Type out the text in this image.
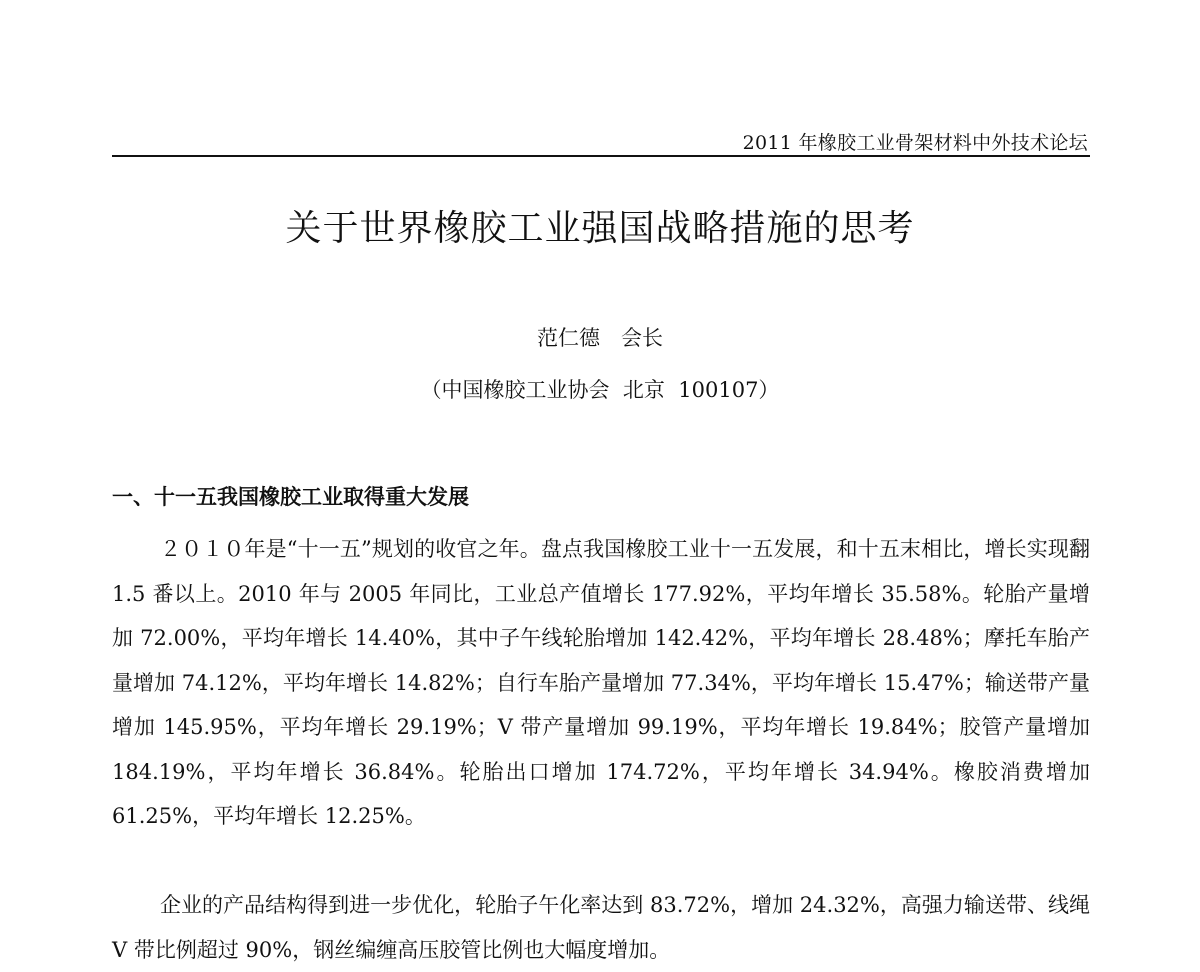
2011 年橡胶工业骨架材料中外技术论坛
关于世界橡胶工业强国战略措施的思考
范仁德　会长
（中国橡胶工业协会  北京  100107）
一、十一五我国橡胶工业取得重大发展

２０１０年是“十一五”规划的收官之年。盘点我国橡胶工业十一五发展，和十五末相比，增长实现翻 1.5 番以上。2010 年与 2005 年同比，工业总产值增长 177.92%，平均年增长 35.58%。轮胎产量增加 72.00%，平均年增长 14.40%，其中子午线轮胎增加 142.42%，平均年增长 28.48%；摩托车胎产量增加 74.12%，平均年增长 14.82%；自行车胎产量增加 77.34%，平均年增长 15.47%；输送带产量增加 145.95%，平均年增长 29.19%；V 带产量增加 99.19%，平均年增长 19.84%；胶管产量增加 184.19%，平均年增长 36.84%。轮胎出口增加 174.72%，平均年增长 34.94%。橡胶消费增加 61.25%，平均年增长 12.25%。

企业的产品结构得到进一步优化，轮胎子午化率达到 83.72%，增加 24.32%，高强力输送带、线绳 V 带比例超过 90%，钢丝编缠高压胶管比例也大幅度增加。
